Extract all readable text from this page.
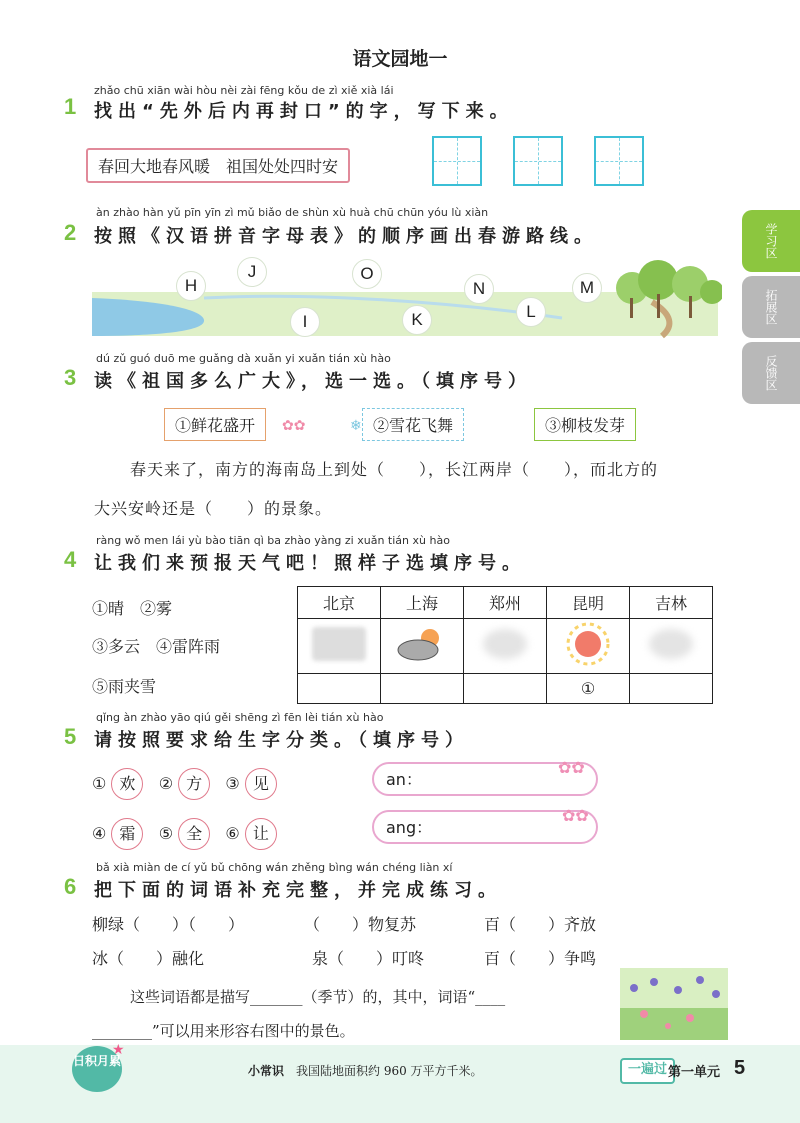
语文园地一
zhǎo chū xiān wài hòu nèi zài fēng kǒu de zì xiě xià lái
1 找出“先外后内再封口”的字，写下来。
春回大地春风暖　祖国处处四时安
àn zhào hàn yǔ pīn yīn zì mǔ biǎo de shùn xù huà chū chūn yóu lù xiàn
2 按照《汉语拼音字母表》的顺序画出春游路线。
H
J	O
N	M
I	K	L
dú zǔ guó duō me guǎng dà xuǎn yi xuǎn tián xù hào
3 读《祖国多么广大》，选一选。（填序号）
①鲜花盛开	✿✿	❄ ②雪花飞舞	③柳枝发芽
春天来了，南方的海南岛上到处（　　），长江两岸（　　），而北方的
大兴安岭还是（　　）的景象。
ràng wǒ men lái yù bào tiān qì ba zhào yàng zi xuǎn tián xù hào
4 让我们来预报天气吧！照样子选填序号。
①晴　②雾
③多云　④雷阵雨
⑤雨夹雪
北京	上海	郑州	昆明	吉林

			①	
qǐng àn zhào yāo qiú gěi shēng zì fēn lèi tián xù hào
5 请按照要求给生字分类。（填序号）
① 欢 ② 方 ③ 见
④ 霜 ⑤ 全 ⑥ 让
an：
ang：
✿✿
✿✿
bǎ xià miàn de cí yǔ bǔ chōng wán zhěng bìng wán chéng liàn xí
6 把下面的词语补充完整，并完成练习。
柳绿（　　）（　　）	（　　）物复苏	百（　　）齐放
冰（　　）融化	泉（　　）叮咚	百（　　）争鸣
这些词语都是描写_______（季节）的，其中，词语“____
________”可以用来形容右图中的景色。
学习区
拓展区
反馈区
日积月累
★
小常识 我国陆地面积约 960 万平方千米。	一遍过 第一单元 5
